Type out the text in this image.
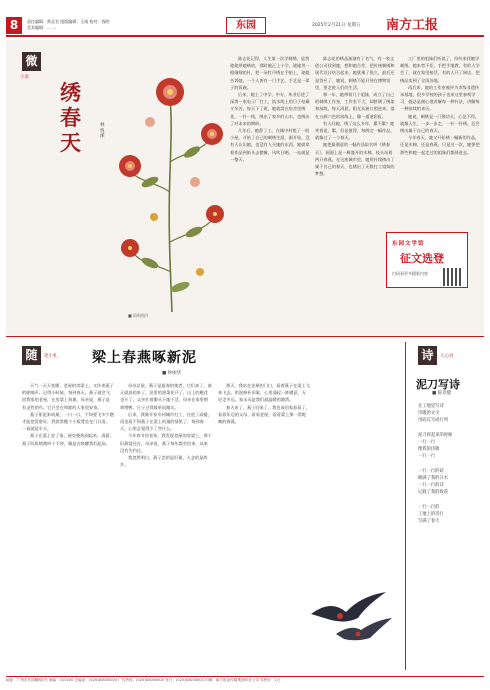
8	责任编辑：黄灵君 组版编辑：王威 校对：钱明
美术编辑：… …	东园	2025年2月21日 星期五 南方工报
微
小说
绣春天
林悦潆
■ 资料图片

陈志花记得，人生第一次学刺绣，是我姥姥带她绣的，那时她正上小学，姥姥用一根细细的针，把一朵牡丹绣在手帕上，姥姥告诉她，一个人要有一门手艺，手艺是一辈子的饭碗。

后来，她上了中学、中专，毕业后进了深圳一家电子厂打工，流水线上的日子枯燥又辛苦，每天下了班，她就窝在宿舍里绣花，一针一线，绣出了家乡的山水，也绣出了对未来的期盼。

几年后，她辞了工，在城中村租了一间小屋，开始了自己的刺绣生涯，刚开始，没有人认识她，也没有人买她的东西，她就拿着作品到街头去摆摊，风吹日晒，一站就是一整天。

陈志花的绣品渐渐有了名气，有一家文创公司找到她，想和她合作，把传统刺绣和现代设计结合起来，她犹豫了很久，最后还是答应了，她说，刺绣不能只待在博物馆里，要走进人们的生活。

那一年，她带着几个姐妹，成立了自己的刺绣工作室，工作室不大，却挤满了绣架和丝线，每天清晨，阳光从窗口照进来，落在五颜六色的丝线上，像一道道彩虹。

有人问她，绣了这么多年，累不累？她笑着说，累，但是值得，每绣完一幅作品，就像过了一个春天。

她把最满意的一幅作品取名叫《绣春天》，画面上是一株盛开的木棉，枝头站着两只春燕，在这座城市里，她用针线绣出了属于自己的春天，也绣出了无数打工姐妹的梦想。

工厂里的姐妹们听说了，纷纷来找她学刺绣，她来者不拒，手把手地教，有的人学会了，就在家里接活，有的人开了网店，把绣品卖到了全国各地。

再后来，她的工作室被评为市级非遗传承基地，很多学校的孩子也来这里参观学习，她总是耐心地讲解每一种针法，讲解每一种丝线的来历。

她说，刺绣是一门慢功夫，心急不得，就像人生，一步一步走，一针一针绣，总会绣出属于自己的春天。

今年春天，她又开始绣一幅新的作品，还是木棉，还是春燕，只是这一次，她要把那些和她一起走过的姐妹们都绣进去。

东园文学馆
征文选登
扫码看更多精彩内容
随	笔小札 梁上春燕啄新泥
■ 钟丽华

天气一天天变暖，老屋的房梁上，又传来燕子的呢喃声。记得小时候，每到春天，燕子就会飞回我家的老屋，在房梁上筑巢，母亲说，燕子是有灵性的鸟，它只会在和睦的人家里安家。

燕子衔泥来筑巢，一口一口，不知要飞多少趟才能把窝垒好，我常常搬个小板凳坐在门口看，一看就是半天。

燕子在梁上安了家，屋里便热闹起来，清晨，燕子叽叽喳喳叫个不停，像是在唤醒我们起床。

母亲总说，燕子是报春的使者，它们来了，春天就真的来了，田里的油菜花开了，山上的桃花也开了，父亲扛着锄头下地干活，母亲在家里喂鸡喂鸭，日子过得简单而踏实。

后来，我离开家乡到城市打工，住进了高楼，再也看不到燕子在梁上筑巢的情景了，每到春天，心里总觉得少了些什么。

今年春节回老家，我发现老屋的房梁上，那个旧燕窝还在，母亲说，燕子每年都会回来，从来没有失约过。

我忽然明白，燕子恋的是旧巢，人念的是故乡。

那天，我站在老屋的门口，看着燕子在梁上飞来飞去，衔泥修补旧巢，心里涌起一阵暖意，无论走多远，家永远是我们最温暖的港湾。

春天来了，燕子回来了，我也该回家看看了，看看年迈的父母，看看老屋，看看梁上那一窝呢喃的春燕。

诗	人心语
泥刀写诗
■ 陈章健
在工地里写诗
诗歌的文字
用砖瓦写成行列
泥刀挥起来的时候
一行一行
像我的诗歌
一行一行
一行一行的砖
砌满了我的汗水
一行一行的诗
记载了我的收获
一行一行的
工地上的诗行
写满了春天
地址：广州市东园横路5号 邮编：510100 总编室：(020)83000000 广告热线：(020)83000000 发行：(020)83000000 印刷：南方报业传媒集团印务公司 零售价：1元
